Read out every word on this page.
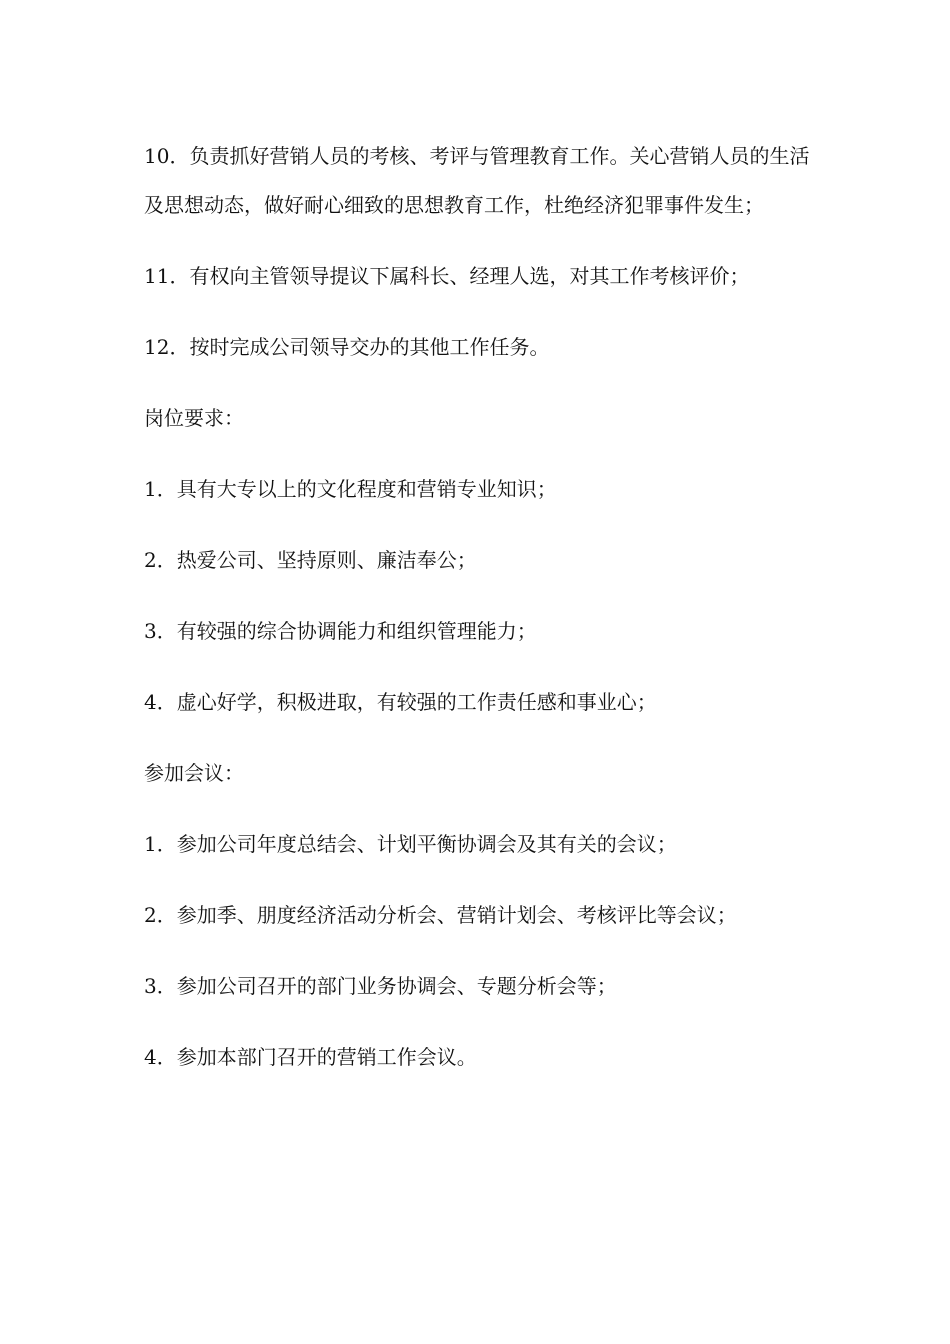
10．负责抓好营销人员的考核、考评与管理教育工作。关心营销人员的生活及思想动态，做好耐心细致的思想教育工作，杜绝经济犯罪事件发生；

11．有权向主管领导提议下属科长、经理人选，对其工作考核评价；

12．按时完成公司领导交办的其他工作任务。

岗位要求：

1．具有大专以上的文化程度和营销专业知识；

2．热爱公司、坚持原则、廉洁奉公；

3．有较强的综合协调能力和组织管理能力；

4．虚心好学，积极进取，有较强的工作责任感和事业心；

参加会议：

1．参加公司年度总结会、计划平衡协调会及其有关的会议；

2．参加季、朋度经济活动分析会、营销计划会、考核评比等会议；

3．参加公司召开的部门业务协调会、专题分析会等；

4．参加本部门召开的营销工作会议。
